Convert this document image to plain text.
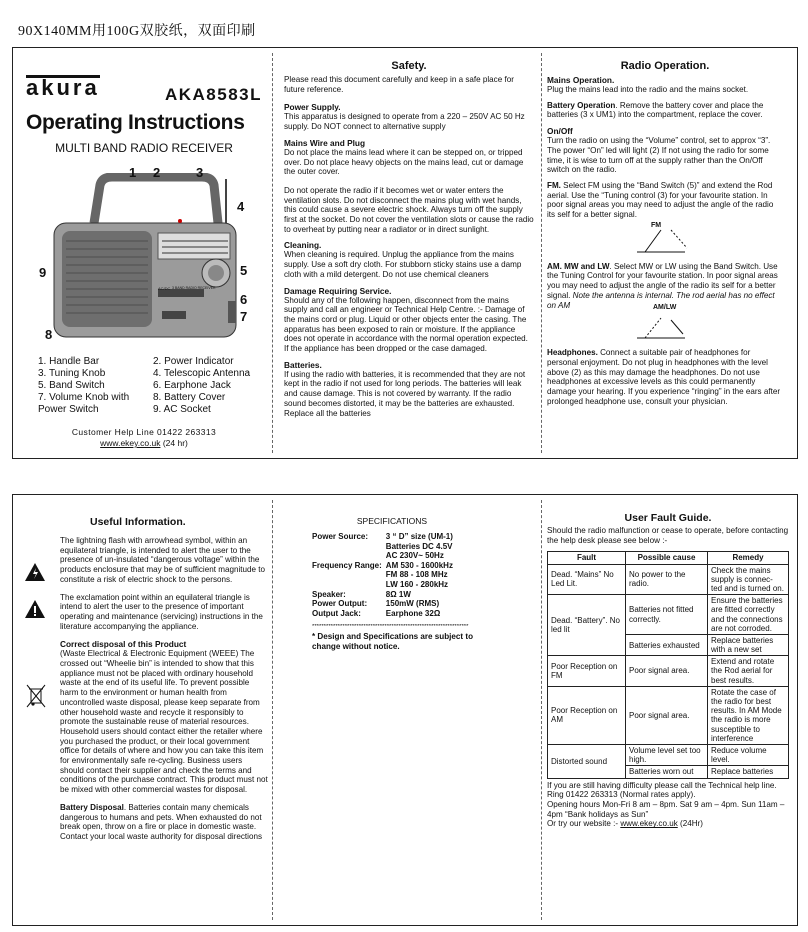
90X140MM用100G双胶纸，双面印刷
akura	AKA8583L
Operating Instructions
MULTI BAND RADIO RECEIVER
AC/DC 3 BAND RADIO RECEIVER
1 2	3
4
5
6
7
8
9
1. Handle Bar	2. Power Indicator
3. Tuning Knob	4. Telescopic Antenna
5. Band Switch	6. Earphone Jack
7. Volume Knob with Power Switch
8. Battery Cover
9. AC Socket
Customer Help Line 01422 263313
www.ekey.co.uk (24 hr)
Safety.

Please read this document carefully and keep in a safe place for future reference.

Power Supply.

This apparatus is designed to operate from a 220 – 250V AC 50 Hz supply. Do NOT connect to alternative supply

Mains Wire and Plug

Do not place the mains lead where it can be stepped on, or tripped over. Do not place heavy objects on the mains lead, cut or damage the outer cover.

Do not operate the radio if it becomes wet or water enters the ventilation slots. Do not disconnect the mains plug with wet hands, this could cause a severe electric shock. Always turn off the supply first at the socket. Do not cover the ventilation slots or cause the radio to overheat by putting near a radiator or in direct sunlight.

Cleaning.

When cleaning is required. Unplug the appliance from the mains supply. Use a soft dry cloth. For stubborn sticky stains use a damp cloth with a mild detergent. Do not use chemical cleaners

Damage Requiring Service.

Should any of the following happen, disconnect from the mains supply and call an engineer or Technical Help Centre. :- Damage of the mains cord or plug. Liquid or other objects enter the casing. The apparatus has been exposed to rain or moisture. If the appliance does not operate in accordance with the normal operation expected. If the appliance has been dropped or the case damaged.

Batteries.

If using the radio with batteries, it is recommended that they are not kept in the radio if not used for long periods. The batteries will leak and cause damage. This is not covered by warranty. If the radio sound becomes distorted, it may be the batteries are exhausted. Replace all the batteries

Radio Operation.
Mains Operation.

Plug the mains lead into the radio and the mains socket.

Battery Operation. Remove the battery cover and place the batteries (3 x UM1) into the compartment, replace the cover.

On/Off

Turn the radio on using the “Volume” control, set to approx “3”. The power “On” led will light (2) If not using the radio for some time, it is wise to turn off at the supply rather than the On/Off switch on the radio.

FM. Select FM using the “Band Switch (5)” and extend the Rod aerial. Use the “Tuning control (3) for your favourite station. In poor signal areas you may need to adjust the angle of the radio its self for a better signal.

FM

AM. MW and LW. Select MW or LW using the Band Switch. Use the Tuning Control for your favourite station. In poor signal areas you may need to adjust the angle of the radio its self for a better signal. Note the antenna is internal. The rod aerial has no effect on AM	AM/LW

Headphones. Connect a suitable pair of headphones for personal enjoyment. Do not plug in headphones with the level above (2) as this may damage the headphones. Do not use headphones at excessive levels as this could permanently damage your hearing. If you experience “ringing” in the ears after prolonged headphone use, consult your physician.

Useful Information.

The lightning flash with arrowhead symbol, within an equilateral triangle, is intended to alert the user to the presence of un-insulated “dangerous voltage” within the products enclosure that may be of sufficient magnitude to constitute a risk of electric shock to the persons.

The exclamation point within an equilateral triangle is intend to alert the user to the presence of important operating and maintenance (servicing) instructions in the literature accompanying the appliance.

Correct disposal of this Product

(Waste Electrical & Electronic Equipment (WEEE) The crossed out “Wheelie bin” is intended to show that this appliance must not be placed with ordinary household waste at the end of its useful life. To prevent possible harm to the environment or human health from uncontrolled waste disposal, please keep separate from other household waste and recycle it responsibly to promote the sustainable reuse of material resources. Household users should contact either the retailer where you purchased the product, or their local government office for details of where and how you can take this item for environmentally safe re-cycling. Business users should contact their supplier and check the terms and conditions of the purchase contract. This product must not be mixed with other commercial wastes for disposal.

Battery Disposal. Batteries contain many chemicals dangerous to humans and pets. When exhausted do not break open, throw on a fire or place in domestic waste. Contact your local waste authority for disposal directions

SPECIFICATIONS
Power Source:	3 “ D” size (UM-1)
Batteries DC 4.5V
AC 230V~ 50Hz

Frequency Range:	AM 530 - 1600kHz
FM 88 - 108 MHz
LW 160 - 280kHz

Speaker:	8Ω 1W
Power Output:	150mW (RMS)
Output Jack:	Earphone 32Ω
*******************************************************************

* Design and Specifications are subject to change without notice.

User Fault Guide.

Should the radio malfunction or cease to operate, before contacting the help desk please see below :-

Fault	Possible cause	Remedy
Dead. “Mains” No Led Lit.	No power to the radio.	Check the mains supply is connec- ted and is turned on.
Dead. “Battery”. No led lit	Batteries not fitted correctly.	Ensure the batteries are fitted correctly and the connections are not corroded.
	Batteries exhausted	Replace batteries with a new set
Poor Reception on FM	Poor signal area.	Extend and rotate the Rod aerial for best results.
Poor Reception on AM	Poor signal area.	Rotate the case of the radio for best results. In AM Mode the radio is more susceptible to interference
Distorted sound	Volume level set too high.	Reduce volume level.
	Batteries worn out	Replace batteries

If you are still having difficulty please call the Technical help line. Ring 01422 263313 (Normal rates apply).

Opening hours Mon-Fri 8 am – 8pm. Sat 9 am – 4pm. Sun 11am – 4pm “Bank holidays as Sun”

Or try our website :- www.ekey.co.uk (24Hr)
